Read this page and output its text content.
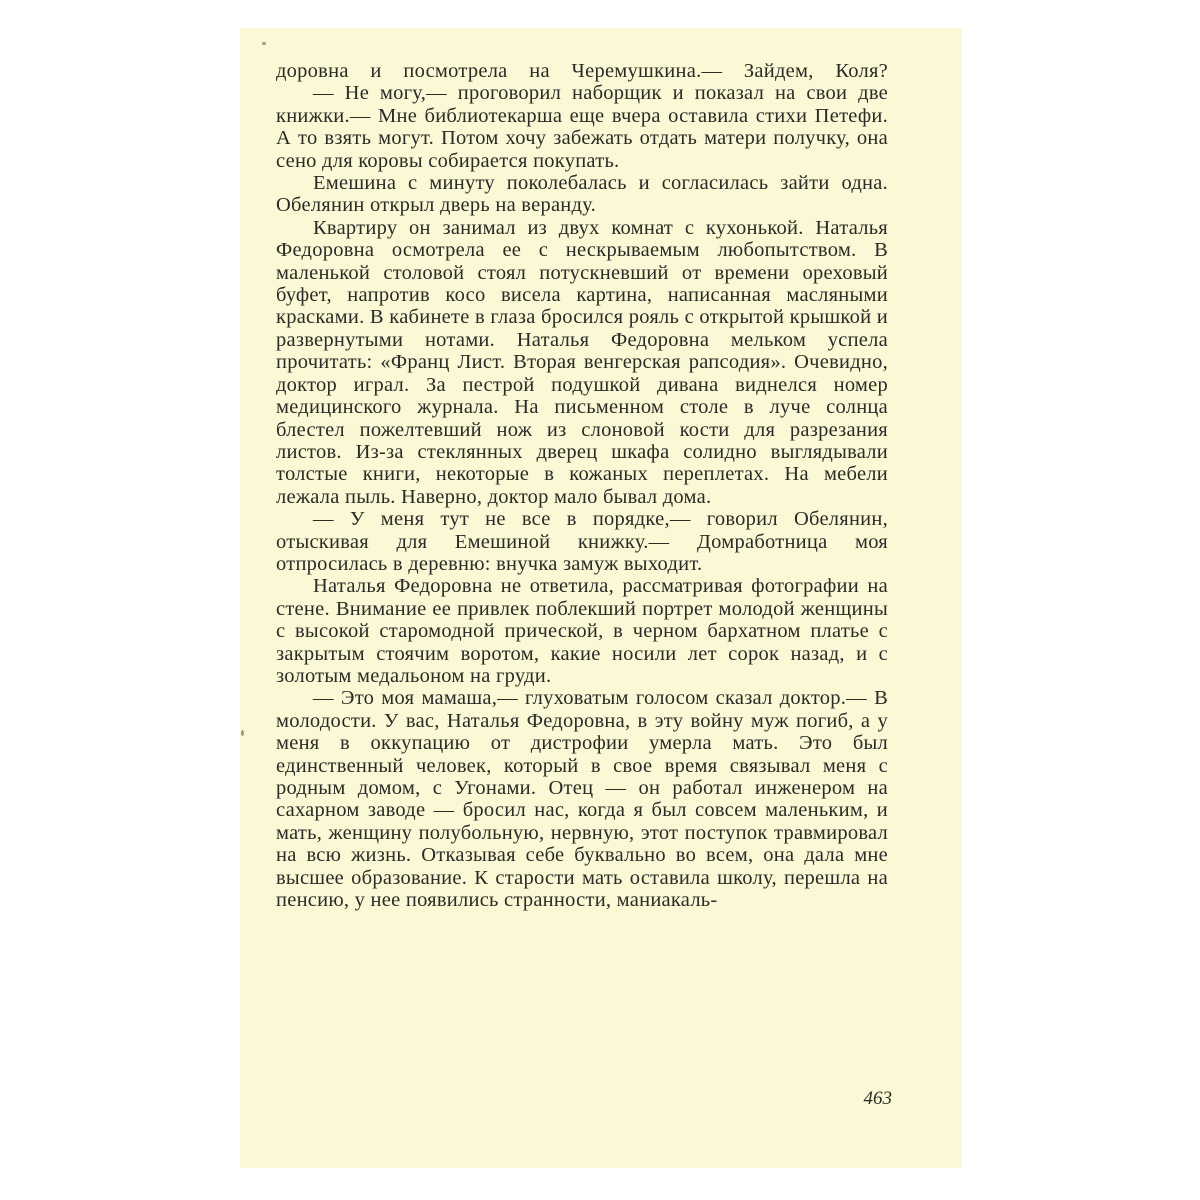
доровна и посмотрела на Черемушкина.— Зайдем, Коля?

— Не могу,— проговорил наборщик и показал на свои две книжки.— Мне библиотекарша еще вчера оставила стихи Петефи. А то взять могут. Потом хочу забежать отдать матери получку, она сено для коровы собирается покупать.

Емешина с минуту поколебалась и согласилась зайти одна. Обелянин открыл дверь на веранду.

Квартиру он занимал из двух комнат с кухонькой. Наталья Федоровна осмотрела ее с нескрываемым любопытством. В маленькой столовой стоял потускневший от времени ореховый буфет, напротив косо висела картина, написанная масляными красками. В кабинете в глаза бросился рояль с открытой крышкой и развернутыми нотами. Наталья Федоровна мельком успела прочитать: «Франц Лист. Вторая венгерская рапсодия». Очевидно, доктор играл. За пестрой подушкой дивана виднелся номер медицинского журнала. На письменном столе в луче солнца блестел пожелтевший нож из слоновой кости для разрезания листов. Из-за стеклянных дверец шкафа солидно выглядывали толстые книги, некоторые в кожаных переплетах. На мебели лежала пыль. Наверно, доктор мало бывал дома.

— У меня тут не все в порядке,— говорил Обелянин, отыскивая для Емешиной книжку.— Домработница моя отпросилась в деревню: внучка замуж выходит.

Наталья Федоровна не ответила, рассматривая фотографии на стене. Внимание ее привлек поблекший портрет молодой женщины с высокой старомодной прической, в черном бархатном платье с закрытым стоячим воротом, какие носили лет сорок назад, и с золотым медальоном на груди.

— Это моя мамаша,— глуховатым голосом сказал доктор.— В молодости. У вас, Наталья Федоровна, в эту войну муж погиб, а у меня в оккупацию от дистрофии умерла мать. Это был единственный человек, который в свое время связывал меня с родным домом, с Угонами. Отец — он работал инженером на сахарном заводе — бросил нас, когда я был совсем маленьким, и мать, женщину полубольную, нервную, этот поступок травмировал на всю жизнь. Отказывая себе буквально во всем, она дала мне высшее образование. К старости мать оставила школу, перешла на пенсию, у нее появились странности, маниакаль-

463
